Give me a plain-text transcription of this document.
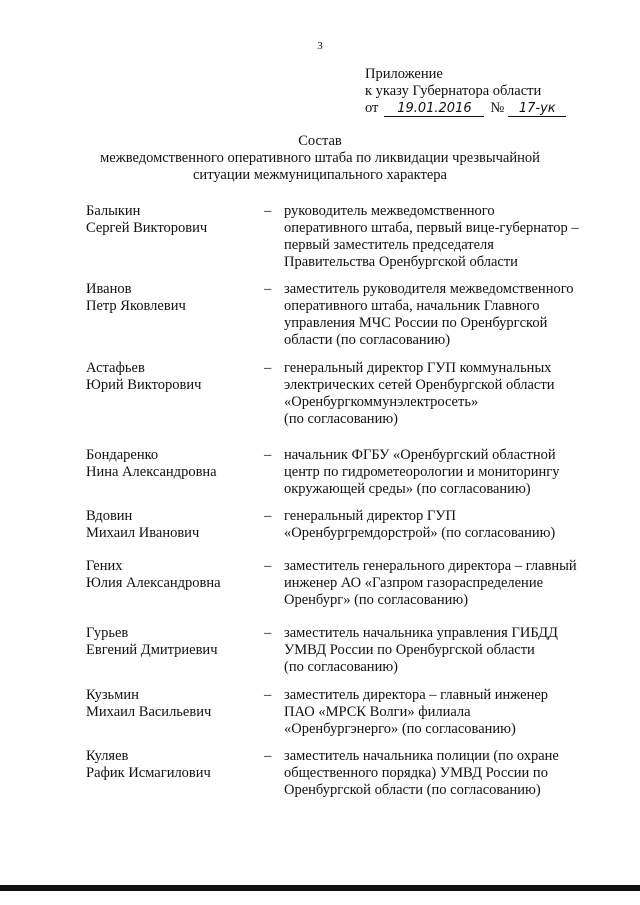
3
Приложение
к указу Губернатора области
от	19.01.2016	№	17-ук
Состав
межведомственного оперативного штаба по ликвидации чрезвычайной
ситуации межмуниципального характера
Балыкин
Сергей Викторович
– руководитель межведомственного
оперативного штаба, первый вице-губернатор –
первый заместитель председателя
Правительства Оренбургской области
Иванов
Петр Яковлевич
– заместитель руководителя межведомственного
оперативного штаба, начальник Главного
управления МЧС России по Оренбургской
области (по согласованию)
Астафьев
Юрий Викторович
– генеральный директор ГУП коммунальных
электрических сетей Оренбургской области
«Оренбургкоммунэлектросеть»
(по согласованию)
Бондаренко
Нина Александровна
– начальник ФГБУ «Оренбургский областной
центр по гидрометеорологии и мониторингу
окружающей среды» (по согласованию)
Вдовин
Михаил Иванович
– генеральный директор ГУП
«Оренбургремдорстрой» (по согласованию)
Гених
Юлия Александровна
– заместитель генерального директора – главный
инженер АО «Газпром газораспределение
Оренбург» (по согласованию)
Гурьев
Евгений Дмитриевич
– заместитель начальника управления ГИБДД
УМВД России по Оренбургской области
(по согласованию)
Кузьмин
Михаил Васильевич
– заместитель директора – главный инженер
ПАО «МРСК Волги» филиала
«Оренбургэнерго» (по согласованию)
Куляев
Рафик Исмагилович
– заместитель начальника полиции (по охране
общественного порядка) УМВД России по
Оренбургской области (по согласованию)
